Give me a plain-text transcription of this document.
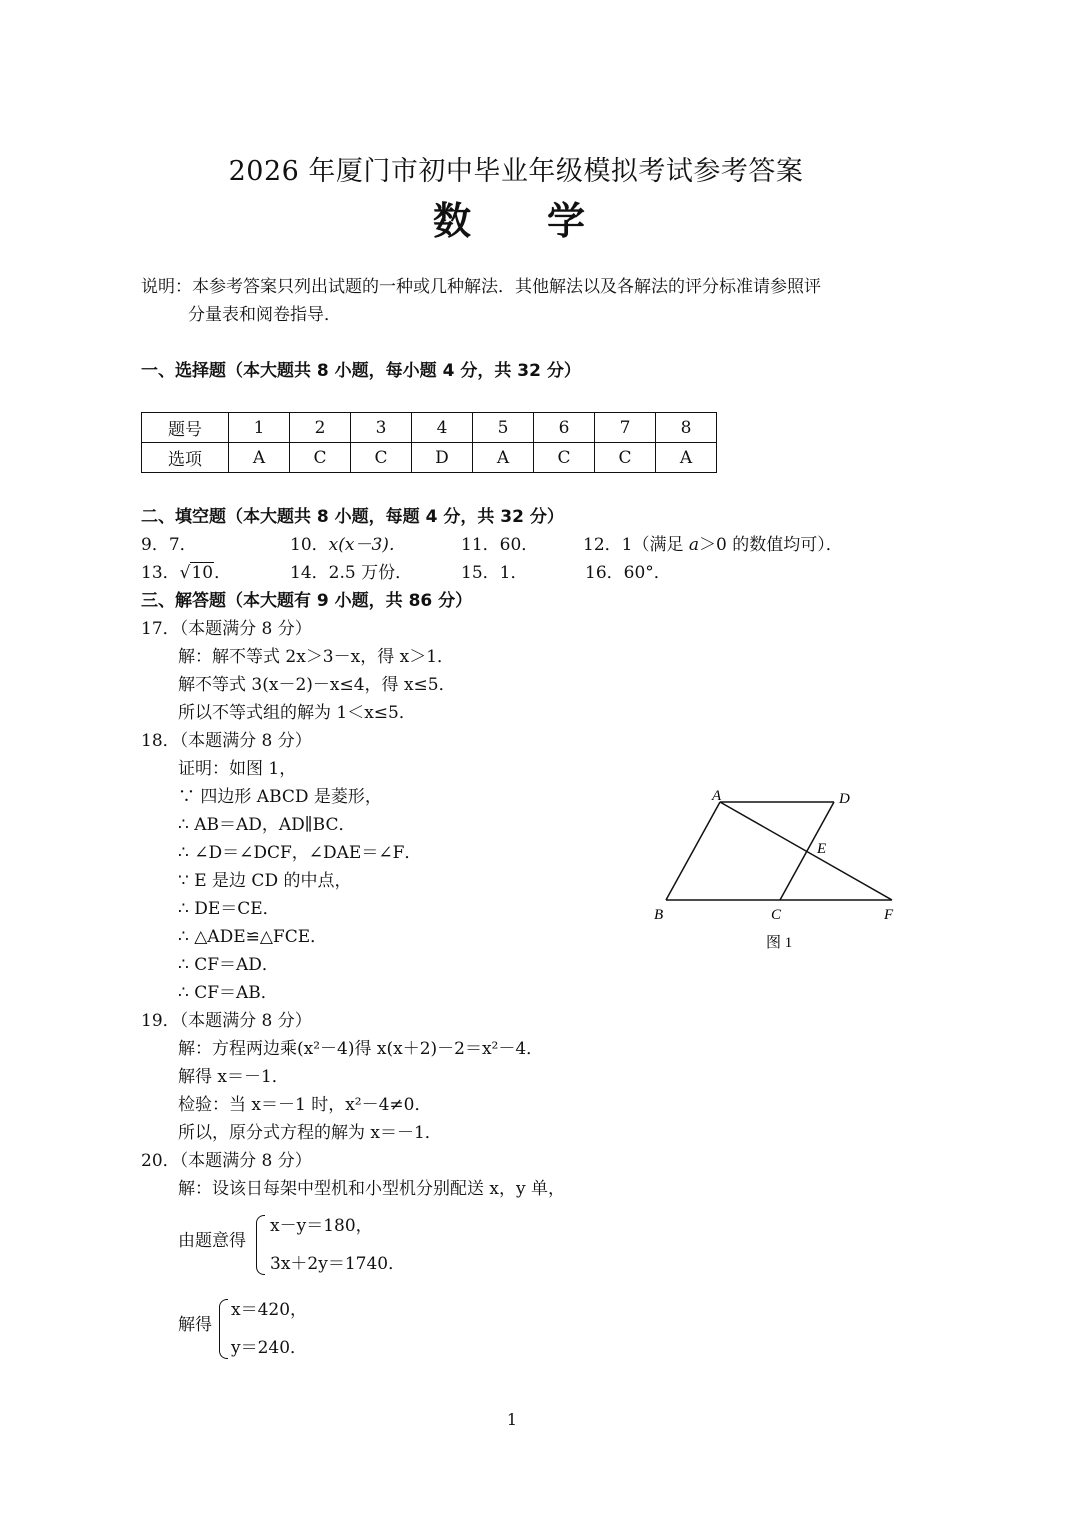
2026 年厦门市初中毕业年级模拟考试参考答案
数 学
说明：本参考答案只列出试题的一种或几种解法．其他解法以及各解法的评分标准请参照评
分量表和阅卷指导．
一、选择题（本大题共 8 小题，每小题 4 分，共 32 分）
题号	1	2	3	4	5	6	7	8
选项	A	C	C	D	A	C	C	A
二、填空题（本大题共 8 小题，每题 4 分，共 32 分）
9．7．	10．x(x－3)．	11．60．	12．1（满足 a＞0 的数值均可）．
13．√10．	14．2.5 万份．	15．1．	16．60°．
三、解答题（本大题有 9 小题，共 86 分）
17．（本题满分 8 分）
解：解不等式 2x＞3－x，得 x＞1．
解不等式 3(x－2)－x≤4，得 x≤5．
所以不等式组的解为 1＜x≤5．
18．（本题满分 8 分）
证明：如图 1，
∵ 四边形 ABCD 是菱形，
∴ AB＝AD，AD∥BC．
∴ ∠D＝∠DCF，∠DAE＝∠F．
∵ E 是边 CD 的中点，
∴ DE＝CE．
∴ △ADE≌△FCE．
∴ CF＝AD．
∴ CF＝AB．
A	D
E
B	C	F
图 1
19．（本题满分 8 分）
解：方程两边乘(x²－4)得 x(x＋2)－2＝x²－4．
解得 x＝－1．
检验：当 x＝－1 时，x²－4≠0．
所以，原分式方程的解为 x＝－1．
20．（本题满分 8 分）
解：设该日每架中型机和小型机分别配送 x，y 单，
由题意得
x－y＝180，
3x＋2y＝1740．
解得
x＝420，
y＝240．
1
